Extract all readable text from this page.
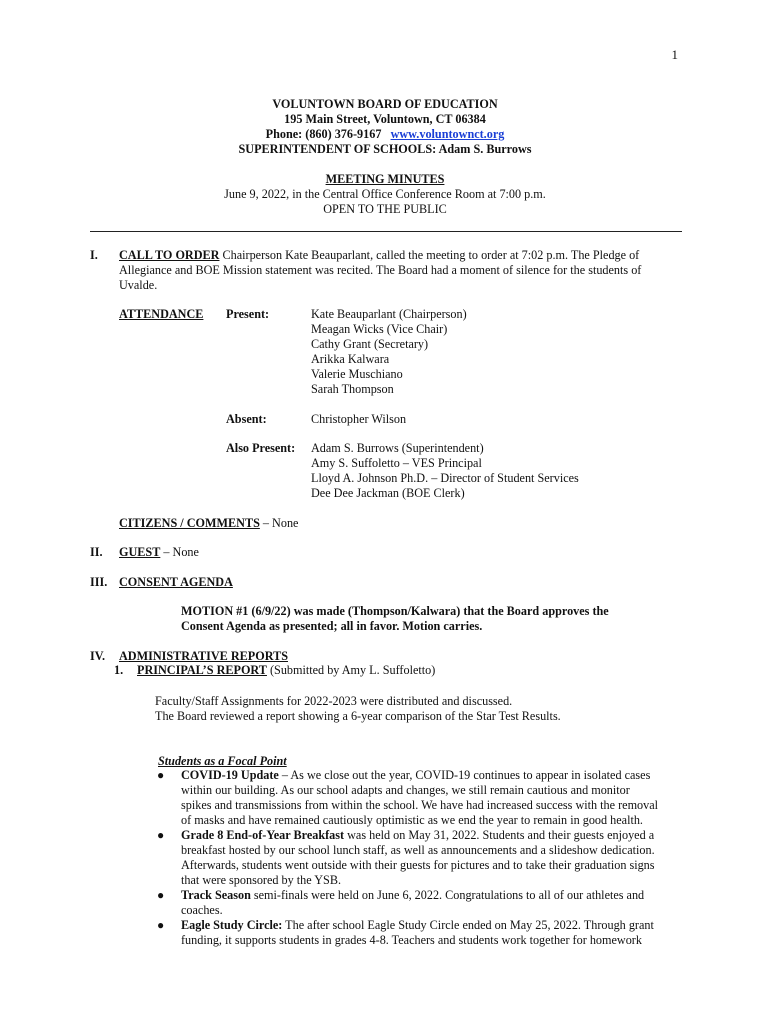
1
VOLUNTOWN BOARD OF EDUCATION
195 Main Street, Voluntown, CT 06384
Phone: (860) 376-9167 www.voluntownct.org
SUPERINTENDENT OF SCHOOLS: Adam S. Burrows
MEETING MINUTES
June 9, 2022, in the Central Office Conference Room at 7:00 p.m.
OPEN TO THE PUBLIC
I. CALL TO ORDER Chairperson Kate Beauparlant, called the meeting to order at 7:02 p.m. The Pledge of
Allegiance and BOE Mission statement was recited. The Board had a moment of silence for the students of
Uvalde.
ATTENDANCE Present:	Kate Beauparlant (Chairperson)
Meagan Wicks (Vice Chair)
Cathy Grant (Secretary)
Arikka Kalwara
Valerie Muschiano
Sarah Thompson
Absent:	Christopher Wilson
Also Present: Adam S. Burrows (Superintendent)
Amy S. Suffoletto – VES Principal
Lloyd A. Johnson Ph.D. – Director of Student Services
Dee Dee Jackman (BOE Clerk)
CITIZENS / COMMENTS – None
II. GUEST – None
III. CONSENT AGENDA
MOTION #1 (6/9/22) was made (Thompson/Kalwara) that the Board approves the
Consent Agenda as presented; all in favor. Motion carries.
IV. ADMINISTRATIVE REPORTS
1. PRINCIPAL’S REPORT (Submitted by Amy L. Suffoletto)
Faculty/Staff Assignments for 2022-2023 were distributed and discussed.
The Board reviewed a report showing a 6-year comparison of the Star Test Results.
Students as a Focal Point
● COVID-19 Update – As we close out the year, COVID-19 continues to appear in isolated cases
within our building. As our school adapts and changes, we still remain cautious and monitor
spikes and transmissions from within the school. We have had increased success with the removal
of masks and have remained cautiously optimistic as we end the year to remain in good health.
● Grade 8 End-of-Year Breakfast was held on May 31, 2022. Students and their guests enjoyed a
breakfast hosted by our school lunch staff, as well as announcements and a slideshow dedication.
Afterwards, students went outside with their guests for pictures and to take their graduation signs
that were sponsored by the YSB.
● Track Season semi-finals were held on June 6, 2022. Congratulations to all of our athletes and
coaches.
● Eagle Study Circle: The after school Eagle Study Circle ended on May 25, 2022. Through grant
funding, it supports students in grades 4-8. Teachers and students work together for homework
